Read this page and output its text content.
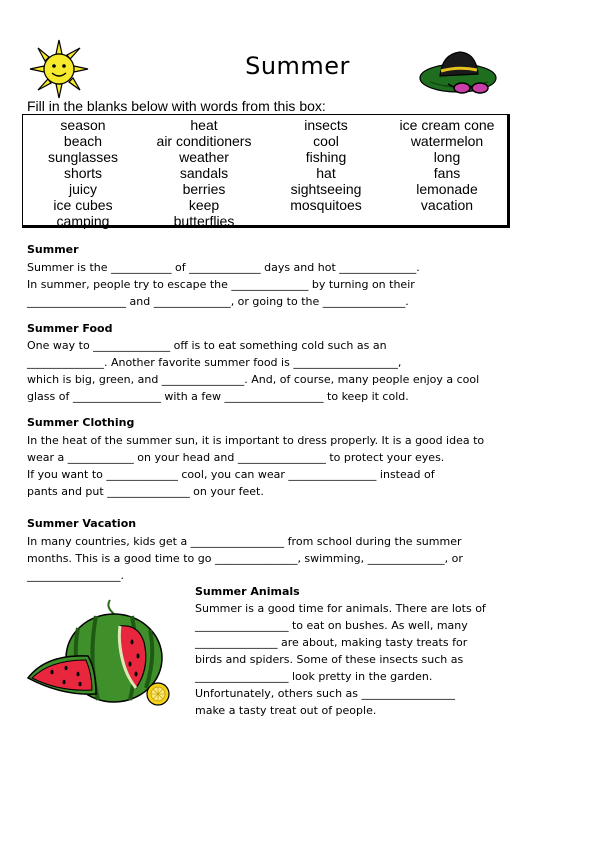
Summer
Fill in the blanks below with words from this box:
season	heat	insects	ice cream cone
beach	air conditioners	cool	watermelon
sunglasses	weather	fishing	long
shorts	sandals	hat	fans
juicy	berries	sightseeing	lemonade
ice cubes	keep	mosquitoes	vacation
camping	butterflies
Summer
Summer is the ___________ of _____________ days and hot ______________.
In summer, people try to escape the ______________ by turning on their
__________________ and ______________, or going to the _______________.
Summer Food
One way to ______________ off is to eat something cold such as an
______________. Another favorite summer food is ___________________,
which is big, green, and _______________. And, of course, many people enjoy a cool
glass of ________________ with a few __________________ to keep it cold.
Summer Clothing
In the heat of the summer sun, it is important to dress properly. It is a good idea to
wear a ____________ on your head and ________________ to protect your eyes.
If you want to _____________ cool, you can wear ________________ instead of
pants and put _______________ on your feet.
Summer Vacation
In many countries, kids get a _________________ from school during the summer
months. This is a good time to go _______________, swimming, ______________, or
_________________.
Summer Animals
Summer is a good time for animals. There are lots of
_________________ to eat on bushes. As well, many
_______________ are about, making tasty treats for
birds and spiders. Some of these insects such as
_________________ look pretty in the garden.
Unfortunately, others such as _________________
make a tasty treat out of people.
